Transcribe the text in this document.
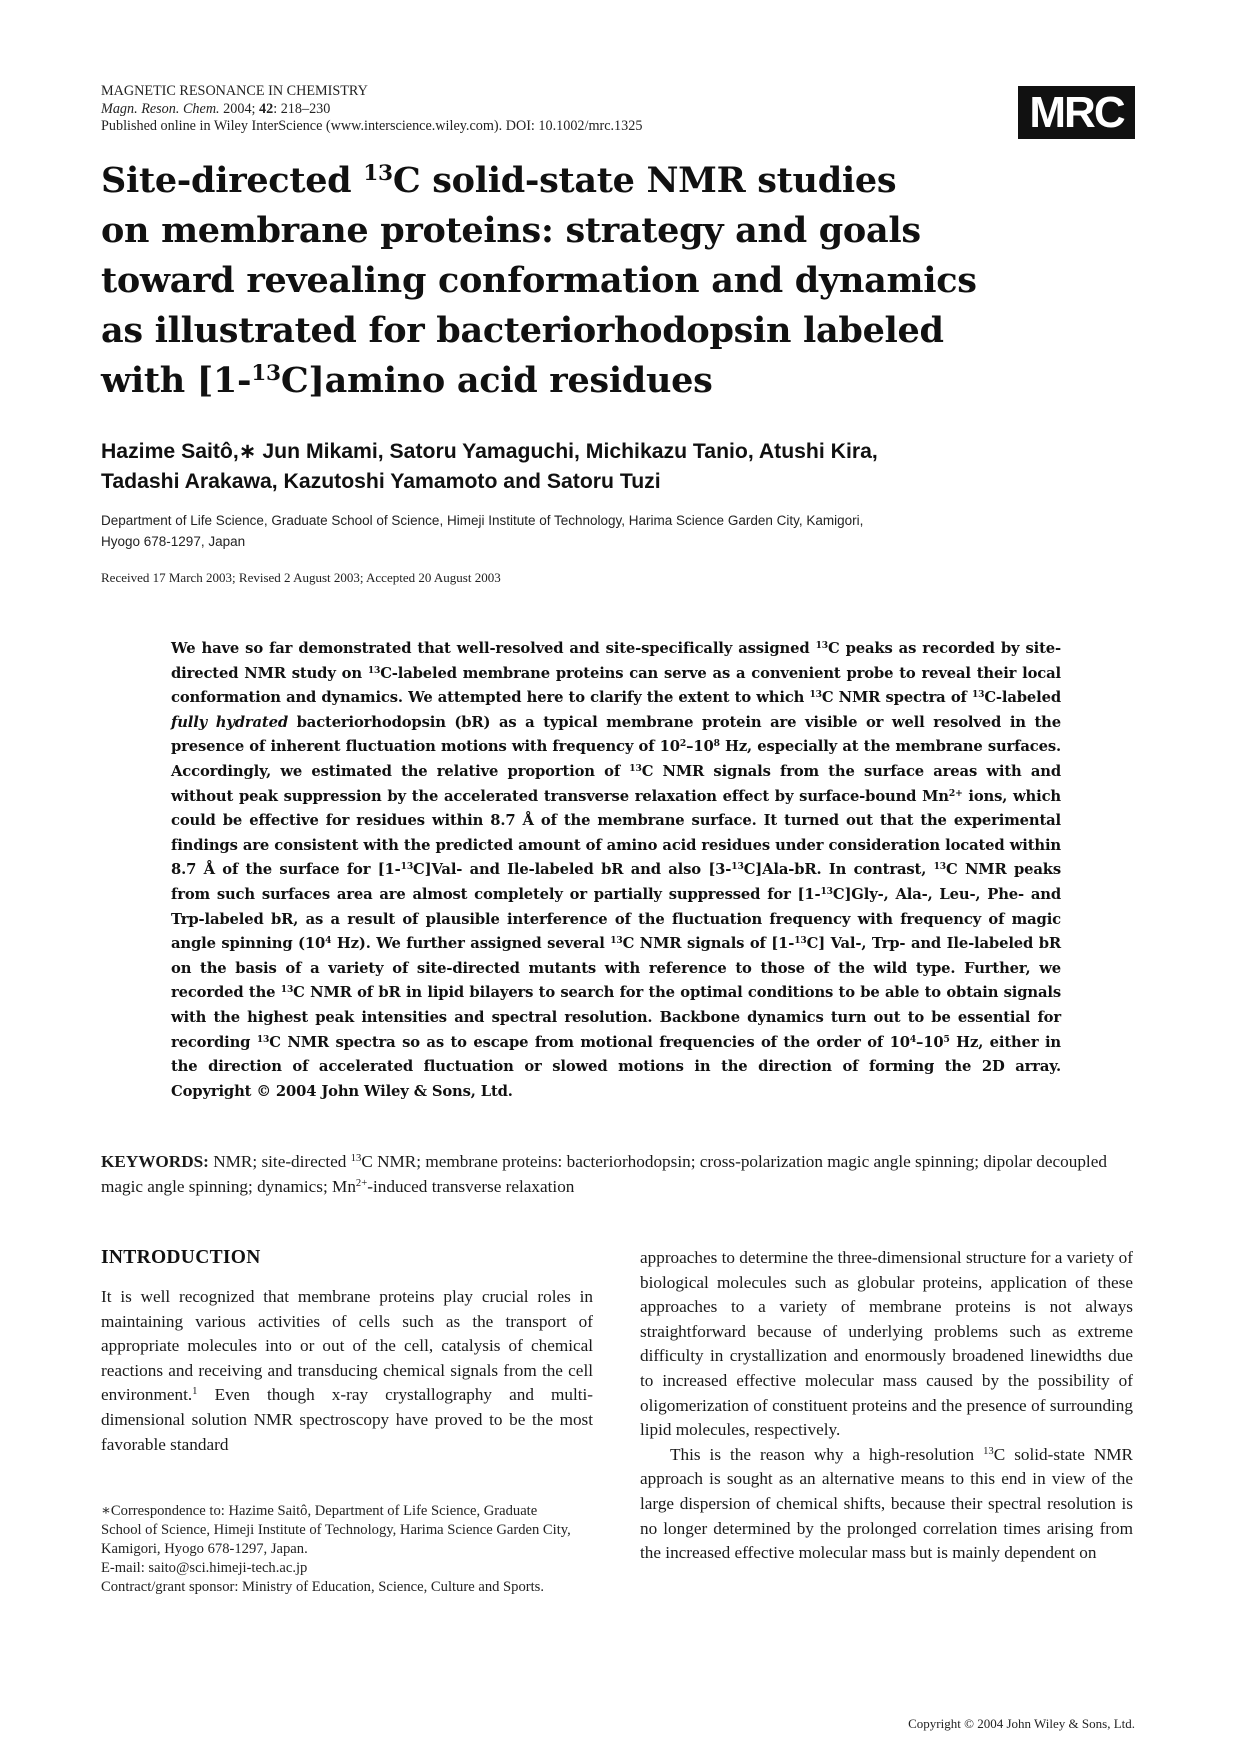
MAGNETIC RESONANCE IN CHEMISTRY
Magn. Reson. Chem. 2004; 42: 218–230
Published online in Wiley InterScience (www.interscience.wiley.com). DOI: 10.1002/mrc.1325	MRC
Site-directed $^{13}$C solid-state NMR studies
on membrane proteins: strategy and goals
toward revealing conformation and dynamics
as illustrated for bacteriorhodopsin labeled
with [1-$^{13}$C]amino acid residues

Hazime Saitô,∗ Jun Mikami, Satoru Yamaguchi, Michikazu Tanio, Atushi Kira,
Tadashi Arakawa, Kazutoshi Yamamoto and Satoru Tuzi

Department of Life Science, Graduate School of Science, Himeji Institute of Technology, Harima Science Garden City, Kamigori,
Hyogo 678-1297, Japan
Received 17 March 2003; Revised 2 August 2003; Accepted 20 August 2003

We have so far demonstrated that well-resolved and site-specifically assigned $^{13}$C peaks as recorded by site-directed NMR study on $^{13}$C-labeled membrane proteins can serve as a convenient probe to reveal their local conformation and dynamics. We attempted here to clarify the extent to which $^{13}$C NMR spectra of $^{13}$C-labeled fully hydrated bacteriorhodopsin (bR) as a typical membrane protein are visible or well resolved in the presence of inherent fluctuation motions with frequency of $10^2-10^8$ Hz, especially at the membrane surfaces. Accordingly, we estimated the relative proportion of $^{13}$C NMR signals from the surface areas with and without peak suppression by the accelerated transverse relaxation effect by surface-bound $Mn^{2+}$ ions, which could be effective for residues within 8.7 Å of the membrane surface. It turned out that the experimental findings are consistent with the predicted amount of amino acid residues under consideration located within 8.7 Å of the surface for [1-$^{13}$C]Val- and Ile-labeled bR and also [3-$^{13}$C]Ala-bR. In contrast, $^{13}$C NMR peaks from such surfaces area are almost completely or partially suppressed for [1-$^{13}$C]Gly-, Ala-, Leu-, Phe- and Trp-labeled bR, as a result of plausible interference of the fluctuation frequency with frequency of magic angle spinning ($10^4$ Hz). We further assigned several $^{13}$C NMR signals of [1-$^{13}$C] Val-, Trp- and Ile-labeled bR on the basis of a variety of site-directed mutants with reference to those of the wild type. Further, we recorded the $^{13}$C NMR of bR in lipid bilayers to search for the optimal conditions to be able to obtain signals with the highest peak intensities and spectral resolution. Backbone dynamics turn out to be essential for recording $^{13}$C NMR spectra so as to escape from motional frequencies of the order of $10^4-10^5$ Hz, either in the direction of accelerated fluctuation or slowed motions in the direction of forming the 2D array. Copyright © 2004 John Wiley & Sons, Ltd.

KEYWORDS: NMR; site-directed $^{13}$C NMR; membrane proteins: bacteriorhodopsin; cross-polarization magic angle spinning; dipolar decoupled magic angle spinning; dynamics; $Mn^{2+}$-induced transverse relaxation

INTRODUCTION

It is well recognized that membrane proteins play crucial roles in maintaining various activities of cells such as the transport of appropriate molecules into or out of the cell, catalysis of chemical reactions and receiving and transducing chemical signals from the cell environment.$^1$ Even though x-ray crystallography and multi-dimensional solution NMR spectroscopy have proved to be the most favorable standard

approaches to determine the three-dimensional structure for a variety of biological molecules such as globular proteins, application of these approaches to a variety of membrane proteins is not always straightforward because of underlying problems such as extreme difficulty in crystallization and enormously broadened linewidths due to increased effective molecular mass caused by the possibility of oligomerization of constituent proteins and the presence of surrounding lipid molecules, respectively.

This is the reason why a high-resolution $^{13}$C solid-state NMR approach is sought as an alternative means to this end in view of the large dispersion of chemical shifts, because their spectral resolution is no longer determined by the prolonged correlation times arising from the increased effective molecular mass but is mainly dependent on

∗Correspondence to: Hazime Saitô, Department of Life Science, Graduate School of Science, Himeji Institute of Technology, Harima Science Garden City, Kamigori, Hyogo 678-1297, Japan.
E-mail: saito@sci.himeji-tech.ac.jp
Contract/grant sponsor: Ministry of Education, Science, Culture and Sports.
Copyright © 2004 John Wiley & Sons, Ltd.
